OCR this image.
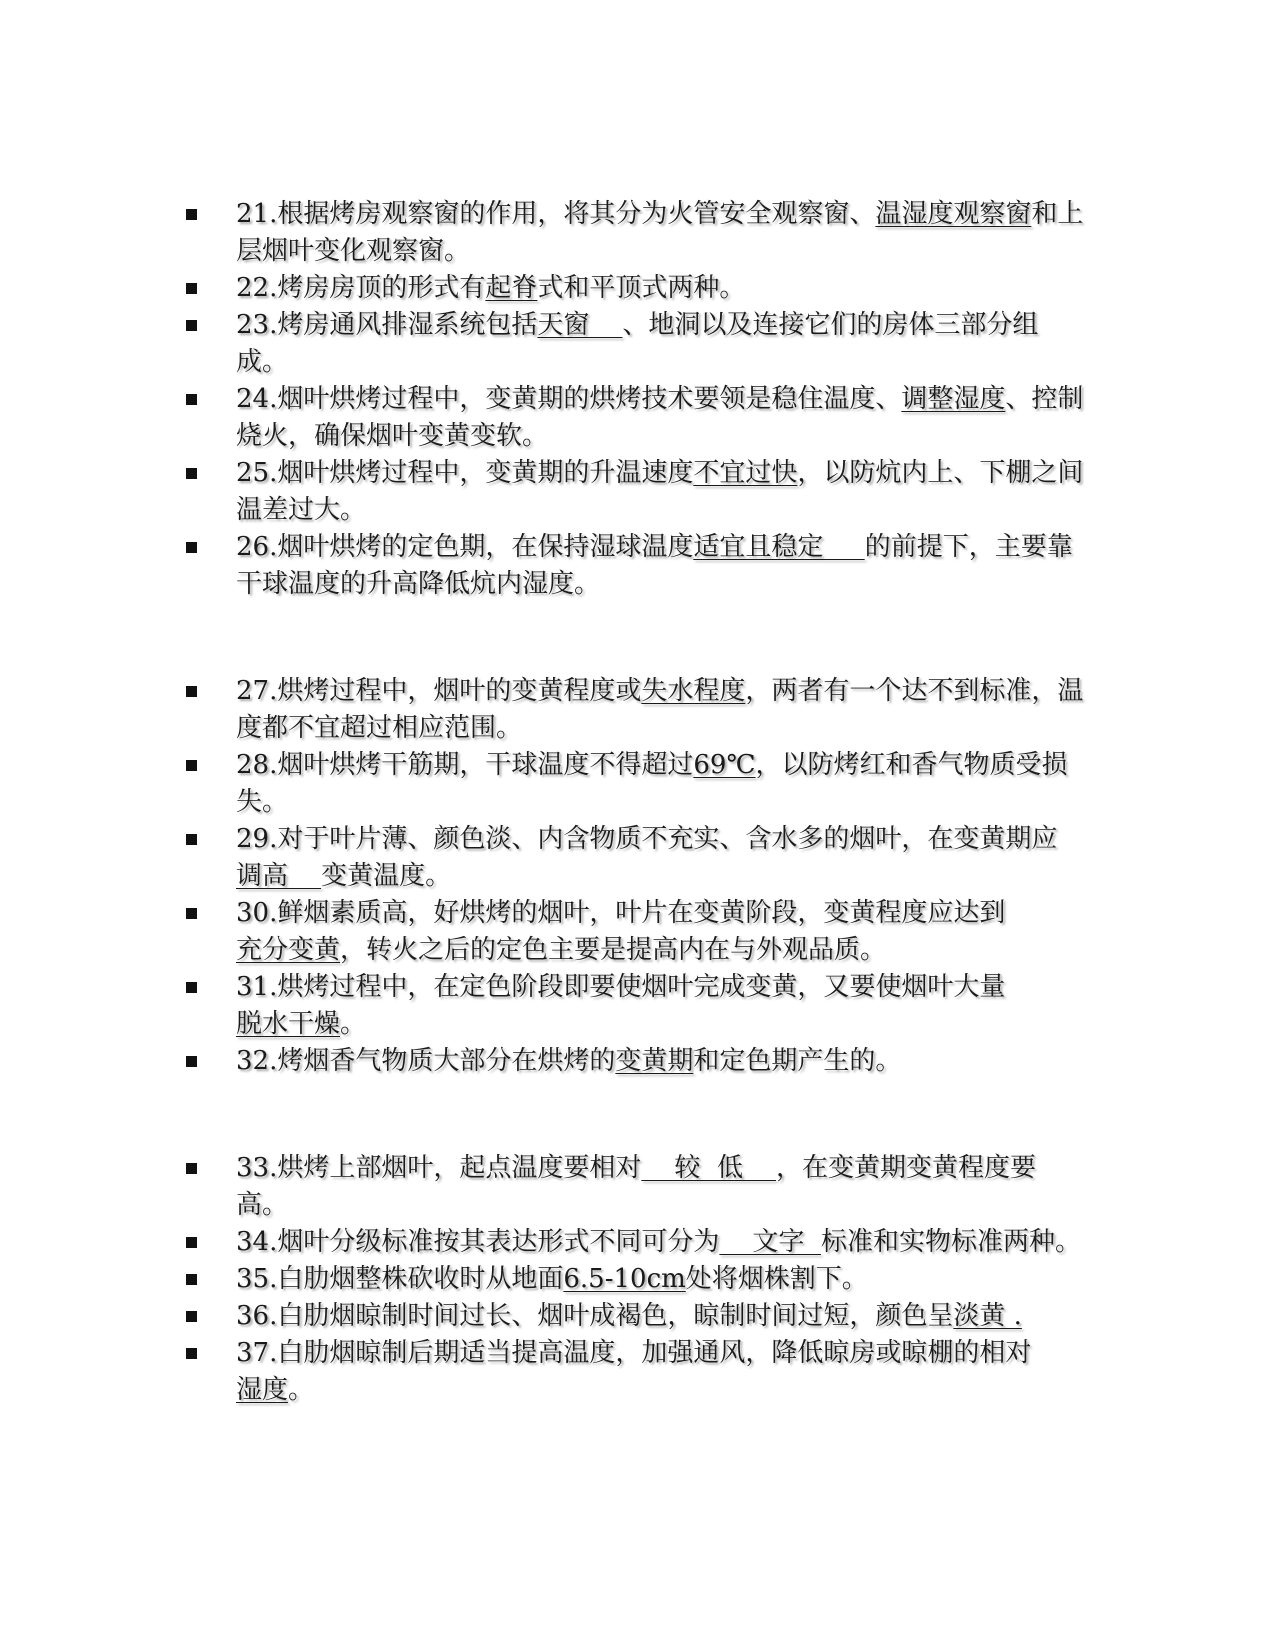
21.根据烤房观察窗的作用，将其分为火管安全观察窗、温湿度观察窗和上层烟叶变化观察窗。
22.烤房房顶的形式有起脊式和平顶式两种。
23.烤房通风排湿系统包括天窗    、地洞以及连接它们的房体三部分组成。
24.烟叶烘烤过程中，变黄期的烘烤技术要领是稳住温度、调整湿度、控制烧火，确保烟叶变黄变软。
25.烟叶烘烤过程中，变黄期的升温速度不宜过快，以防炕内上、下棚之间温差过大。
26.烟叶烘烤的定色期，在保持湿球温度适宜且稳定     的前提下，主要靠干球温度的升高降低炕内湿度。
27.烘烤过程中，烟叶的变黄程度或失水程度，两者有一个达不到标准，温度都不宜超过相应范围。
28.烟叶烘烤干筋期，干球温度不得超过69℃，以防烤红和香气物质受损失。
29.对于叶片薄、颜色淡、内含物质不充实、含水多的烟叶，在变黄期应调高    变黄温度。
30.鲜烟素质高，好烘烤的烟叶，叶片在变黄阶段，变黄程度应达到充分变黄，转火之后的定色主要是提高内在与外观品质。
31.烘烤过程中，在定色阶段即要使烟叶完成变黄，又要使烟叶大量脱水干燥。
32.烤烟香气物质大部分在烘烤的变黄期和定色期产生的。
33.烘烤上部烟叶，起点温度要相对    较  低    ，在变黄期变黄程度要高。
34.烟叶分级标准按其表达形式不同可分为    文字  标准和实物标准两种。
35.白肋烟整株砍收时从地面6.5-10cm处将烟株割下。
36.白肋烟晾制时间过长、烟叶成褐色，晾制时间过短，颜色呈淡黄 .
37.白肋烟晾制后期适当提高温度，加强通风，降低晾房或晾棚的相对湿度。
